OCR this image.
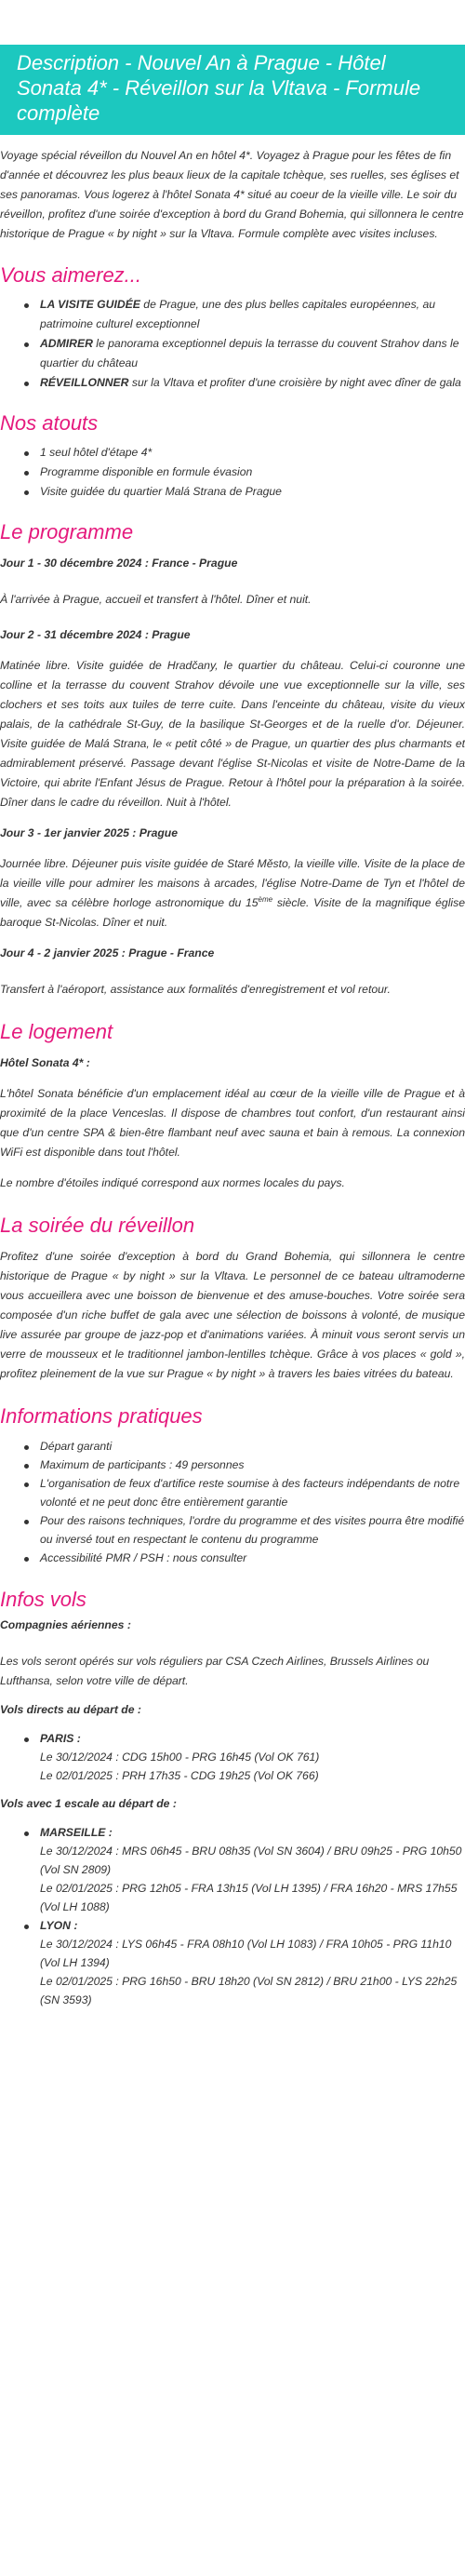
Description - Nouvel An à Prague - Hôtel Sonata 4* - Réveillon sur la Vltava - Formule complète

Voyage spécial réveillon du Nouvel An en hôtel 4*. Voyagez à Prague pour les fêtes de fin d'année et découvrez les plus beaux lieux de la capitale tchèque, ses ruelles, ses églises et ses panoramas. Vous logerez à l'hôtel Sonata 4* situé au coeur de la vieille ville. Le soir du réveillon, profitez d'une soirée d'exception à bord du Grand Bohemia, qui sillonnera le centre historique de Prague « by night » sur la Vltava. Formule complète avec visites incluses.

Vous aimerez...
LA VISITE GUIDÉE de Prague, une des plus belles capitales européennes, au patrimoine culturel exceptionnel
ADMIRER le panorama exceptionnel depuis la terrasse du couvent Strahov dans le quartier du château
RÉVEILLONNER sur la Vltava et profiter d'une croisière by night avec dîner de gala
Nos atouts
1 seul hôtel d'étape 4*
Programme disponible en formule évasion
Visite guidée du quartier Malá Strana de Prague
Le programme

Jour 1 - 30 décembre 2024 : France - Prague

À l'arrivée à Prague, accueil et transfert à l'hôtel. Dîner et nuit.

Jour 2 - 31 décembre 2024 : Prague

Matinée libre. Visite guidée de Hradčany, le quartier du château. Celui-ci couronne une colline et la terrasse du couvent Strahov dévoile une vue exceptionnelle sur la ville, ses clochers et ses toits aux tuiles de terre cuite. Dans l'enceinte du château, visite du vieux palais, de la cathédrale St-Guy, de la basilique St-Georges et de la ruelle d'or. Déjeuner. Visite guidée de Malá Strana, le « petit côté » de Prague, un quartier des plus charmants et admirablement préservé. Passage devant l'église St-Nicolas et visite de Notre-Dame de la Victoire, qui abrite l'Enfant Jésus de Prague. Retour à l'hôtel pour la préparation à la soirée. Dîner dans le cadre du réveillon. Nuit à l'hôtel.

Jour 3 - 1er janvier 2025 : Prague

Journée libre. Déjeuner puis visite guidée de Staré Město, la vieille ville. Visite de la place de la vieille ville pour admirer les maisons à arcades, l'église Notre-Dame de Tyn et l'hôtel de ville, avec sa célèbre horloge astronomique du 15ème siècle. Visite de la magnifique église baroque St-Nicolas. Dîner et nuit.

Jour 4 - 2 janvier 2025 : Prague - France

Transfert à l'aéroport, assistance aux formalités d'enregistrement et vol retour.

Le logement

Hôtel Sonata 4* :

L'hôtel Sonata bénéficie d'un emplacement idéal au cœur de la vieille ville de Prague et à proximité de la place Venceslas. Il dispose de chambres tout confort, d'un restaurant ainsi que d'un centre SPA & bien-être flambant neuf avec sauna et bain à remous. La connexion WiFi est disponible dans tout l'hôtel.

Le nombre d'étoiles indiqué correspond aux normes locales du pays.

La soirée du réveillon

Profitez d'une soirée d'exception à bord du Grand Bohemia, qui sillonnera le centre historique de Prague « by night » sur la Vltava. Le personnel de ce bateau ultramoderne vous accueillera avec une boisson de bienvenue et des amuse-bouches. Votre soirée sera composée d'un riche buffet de gala avec une sélection de boissons à volonté, de musique live assurée par groupe de jazz-pop et d'animations variées. À minuit vous seront servis un verre de mousseux et le traditionnel jambon-lentilles tchèque. Grâce à vos places « gold », profitez pleinement de la vue sur Prague « by night » à travers les baies vitrées du bateau.

Informations pratiques
Départ garanti
Maximum de participants : 49 personnes
L'organisation de feux d'artifice reste soumise à des facteurs indépendants de notre volonté et ne peut donc être entièrement garantie
Pour des raisons techniques, l'ordre du programme et des visites pourra être modifié ou inversé tout en respectant le contenu du programme
Accessibilité PMR / PSH : nous consulter
Infos vols

Compagnies aériennes :

Les vols seront opérés sur vols réguliers par CSA Czech Airlines, Brussels Airlines ou Lufthansa, selon votre ville de départ.

Vols directs au départ de :

PARIS :
Le 30/12/2024 : CDG 15h00 - PRG 16h45 (Vol OK 761)
Le 02/01/2025 : PRH 17h35 - CDG 19h25 (Vol OK 766)

Vols avec 1 escale au départ de :

MARSEILLE :
Le 30/12/2024 : MRS 06h45 - BRU 08h35 (Vol SN 3604) / BRU 09h25 - PRG 10h50 (Vol SN 2809)
Le 02/01/2025 : PRG 12h05 - FRA 13h15 (Vol LH 1395) / FRA 16h20 - MRS 17h55 (Vol LH 1088)
LYON :
Le 30/12/2024 : LYS 06h45 - FRA 08h10 (Vol LH 1083) / FRA 10h05 - PRG 11h10 (Vol LH 1394)
Le 02/01/2025 : PRG 16h50 - BRU 18h20 (Vol SN 2812) / BRU 21h00 - LYS 22h25 (SN 3593)
